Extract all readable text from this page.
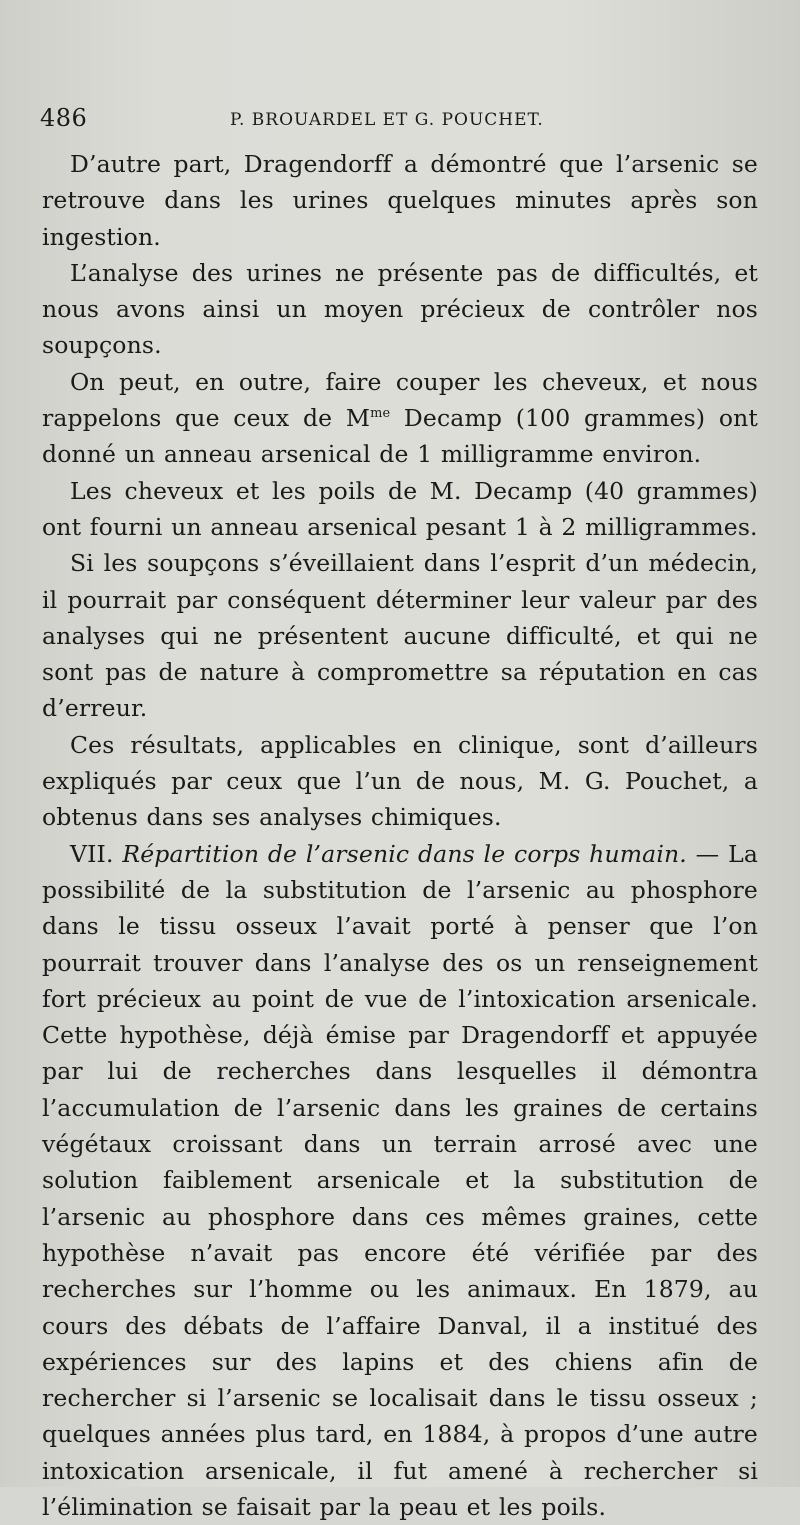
486	P. BROUARDEL ET G. POUCHET.

D’autre part, Dragendorff a démontré que l’arsenic se retrouve dans les urines quelques minutes après son ingestion.

L’analyse des urines ne présente pas de difficultés, et nous avons ainsi un moyen précieux de contrôler nos soupçons.

On peut, en outre, faire couper les cheveux, et nous rappelons que ceux de $M^{me}$ Decamp (100 grammes) ont donné un anneau arsenical de 1 milligramme environ.

Les cheveux et les poils de M. Decamp (40 grammes) ont fourni un anneau arsenical pesant 1 à 2 milligrammes.

Si les soupçons s’éveillaient dans l’esprit d’un médecin, il pourrait par conséquent déterminer leur valeur par des analyses qui ne présentent aucune difficulté, et qui ne sont pas de nature à compromettre sa réputation en cas d’erreur.

Ces résultats, applicables en clinique, sont d’ailleurs expliqués par ceux que l’un de nous, M. G. Pouchet, a obtenus dans ses analyses chimiques.

VII. Répartition de l’arsenic dans le corps humain. — La possibilité de la substitution de l’arsenic au phosphore dans le tissu osseux l’avait porté à penser que l’on pourrait trouver dans l’analyse des os un renseignement fort précieux au point de vue de l’intoxication arsenicale. Cette hypothèse, déjà émise par Dragendorff et appuyée par lui de recherches dans lesquelles il démontra l’accumulation de l’arsenic dans les graines de certains végétaux croissant dans un terrain arrosé avec une solution faiblement arsenicale et la substitution de l’arsenic au phosphore dans ces mêmes graines, cette hypothèse n’avait pas encore été vérifiée par des recherches sur l’homme ou les animaux. En 1879, au cours des débats de l’affaire Danval, il a institué des expériences sur des lapins et des chiens afin de rechercher si l’arsenic se localisait dans le tissu osseux ; quelques années plus tard, en 1884, à propos d’une autre intoxication arsenicale, il fut amené à rechercher si l’élimination se faisait par la peau et les poils.
